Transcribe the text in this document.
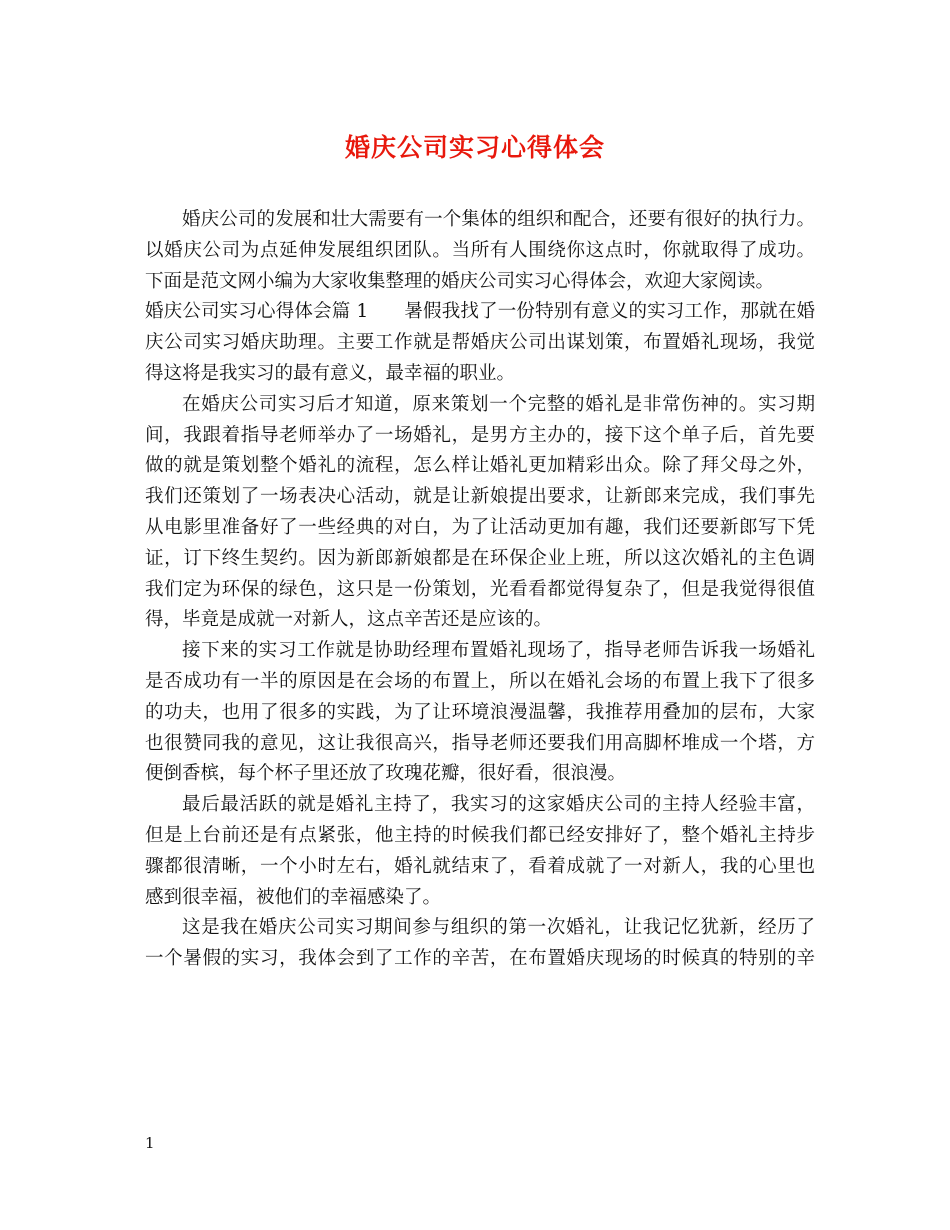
婚庆公司实习心得体会
婚庆公司的发展和壮大需要有一个集体的组织和配合，还要有很好的执行力。
以婚庆公司为点延伸发展组织团队。当所有人围绕你这点时，你就取得了成功。
下面是范文网小编为大家收集整理的婚庆公司实习心得体会，欢迎大家阅读。
婚庆公司实习心得体会篇 1 暑假我找了一份特别有意义的实习工作，那就在婚
庆公司实习婚庆助理。主要工作就是帮婚庆公司出谋划策，布置婚礼现场，我觉
得这将是我实习的最有意义，最幸福的职业。
在婚庆公司实习后才知道，原来策划一个完整的婚礼是非常伤神的。实习期
间，我跟着指导老师举办了一场婚礼，是男方主办的，接下这个单子后，首先要
做的就是策划整个婚礼的流程，怎么样让婚礼更加精彩出众。除了拜父母之外，
我们还策划了一场表决心活动，就是让新娘提出要求，让新郎来完成，我们事先
从电影里准备好了一些经典的对白，为了让活动更加有趣，我们还要新郎写下凭
证，订下终生契约。因为新郎新娘都是在环保企业上班，所以这次婚礼的主色调
我们定为环保的绿色，这只是一份策划，光看看都觉得复杂了，但是我觉得很值
得，毕竟是成就一对新人，这点辛苦还是应该的。
接下来的实习工作就是协助经理布置婚礼现场了，指导老师告诉我一场婚礼
是否成功有一半的原因是在会场的布置上，所以在婚礼会场的布置上我下了很多
的功夫，也用了很多的实践，为了让环境浪漫温馨，我推荐用叠加的层布，大家
也很赞同我的意见，这让我很高兴，指导老师还要我们用高脚杯堆成一个塔，方
便倒香槟，每个杯子里还放了玫瑰花瓣，很好看，很浪漫。
最后最活跃的就是婚礼主持了，我实习的这家婚庆公司的主持人经验丰富，
但是上台前还是有点紧张，他主持的时候我们都已经安排好了，整个婚礼主持步
骤都很清晰，一个小时左右，婚礼就结束了，看着成就了一对新人，我的心里也
感到很幸福，被他们的幸福感染了。
这是我在婚庆公司实习期间参与组织的第一次婚礼，让我记忆犹新，经历了
一个暑假的实习，我体会到了工作的辛苦，在布置婚庆现场的时候真的特别的辛
1
